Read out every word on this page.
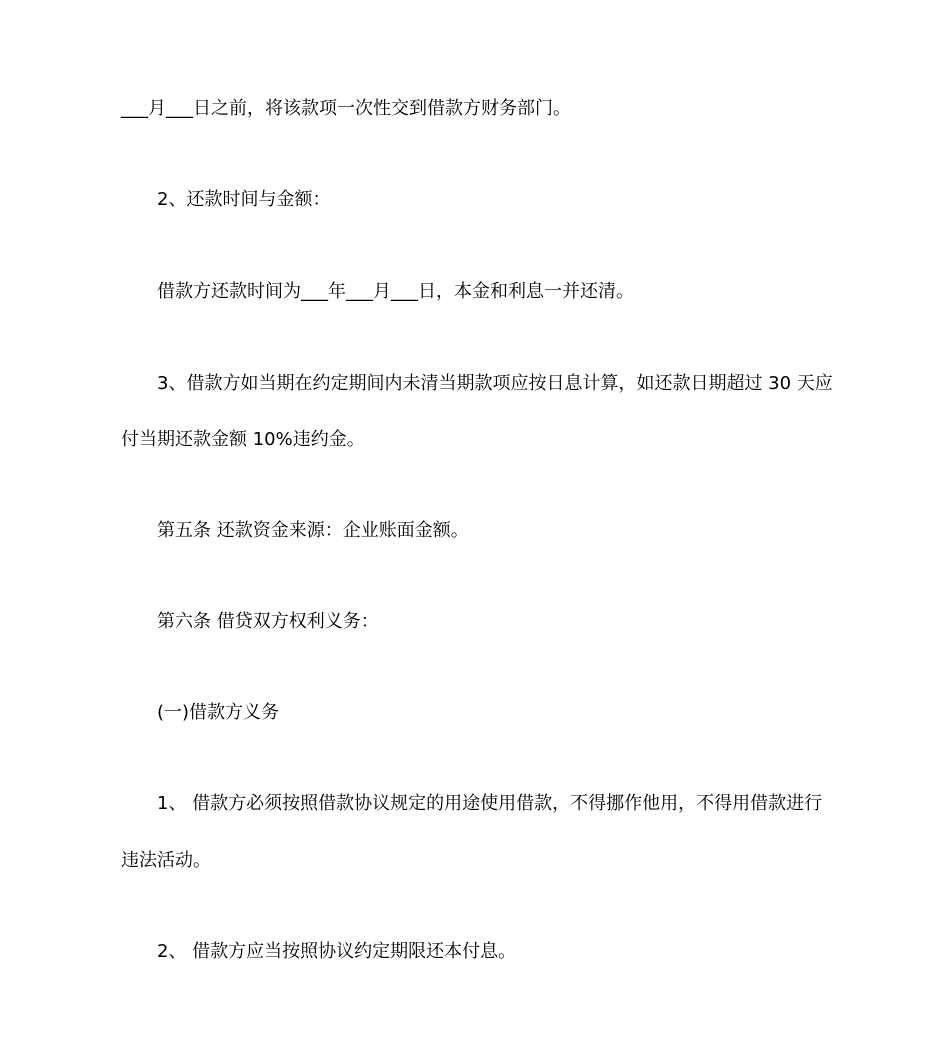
___月___日之前，将该款项一次性交到借款方财务部门。
2、还款时间与金额：
借款方还款时间为___年___月___日，本金和利息一并还清。
3、借款方如当期在约定期间内未清当期款项应按日息计算，如还款日期超过 30 天应
付当期还款金额 10%违约金。
第五条 还款资金来源：企业账面金额。
第六条 借贷双方权利义务：
(一)借款方义务
1、 借款方必须按照借款协议规定的用途使用借款，不得挪作他用，不得用借款进行
违法活动。
2、 借款方应当按照协议约定期限还本付息。
